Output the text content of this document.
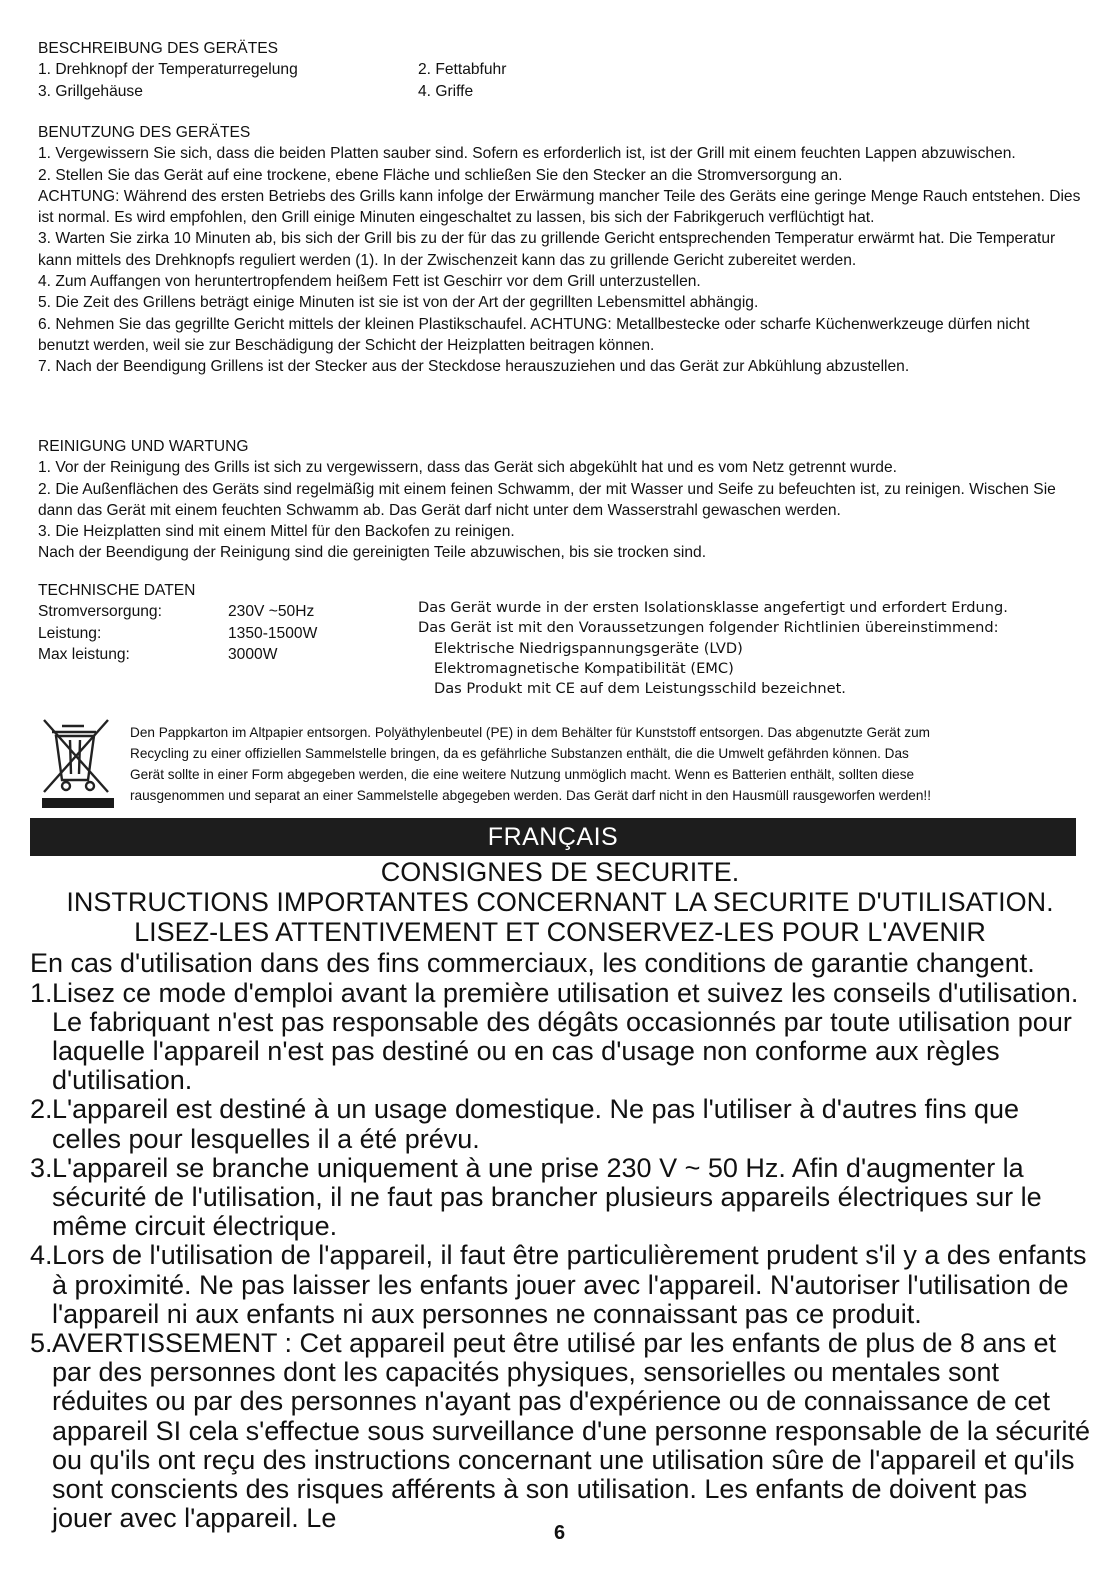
BESCHREIBUNG DES GERÄTES

1. Drehknopf der Temperaturregelung	2. Fettabfuhr
3. Grillgehäuse	4. Griffe

BENUTZUNG DES GERÄTES

1. Vergewissern Sie sich, dass die beiden Platten sauber sind. Sofern es erforderlich ist, ist der Grill mit einem feuchten Lappen abzuwischen.

2. Stellen Sie das Gerät auf eine trockene, ebene Fläche und schließen Sie den Stecker an die Stromversorgung an.

ACHTUNG: Während des ersten Betriebs des Grills kann infolge der Erwärmung mancher Teile des Geräts eine geringe Menge Rauch entstehen. Dies ist normal. Es wird empfohlen, den Grill einige Minuten eingeschaltet zu lassen, bis sich der Fabrikgeruch verflüchtigt hat.

3. Warten Sie zirka 10 Minuten ab, bis sich der Grill bis zu der für das zu grillende Gericht entsprechenden Temperatur erwärmt hat. Die Temperatur kann mittels des Drehknopfs reguliert werden (1). In der Zwischenzeit kann das zu grillende Gericht zubereitet werden.

4. Zum Auffangen von heruntertropfendem heißem Fett ist Geschirr vor dem Grill unterzustellen.

5. Die Zeit des Grillens beträgt einige Minuten ist sie ist von der Art der gegrillten Lebensmittel abhängig.

6. Nehmen Sie das gegrillte Gericht mittels der kleinen Plastikschaufel. ACHTUNG: Metallbestecke oder scharfe Küchenwerkzeuge dürfen nicht benutzt werden, weil sie zur Beschädigung der Schicht der Heizplatten beitragen können.

7. Nach der Beendigung Grillens ist der Stecker aus der Steckdose herauszuziehen und das Gerät zur Abkühlung abzustellen.

REINIGUNG UND WARTUNG

1. Vor der Reinigung des Grills ist sich zu vergewissern, dass das Gerät sich abgekühlt hat und es vom Netz getrennt wurde.

2. Die Außenflächen des Geräts sind regelmäßig mit einem feinen Schwamm, der mit Wasser und Seife zu befeuchten ist, zu reinigen. Wischen Sie dann das Gerät mit einem feuchten Schwamm ab. Das Gerät darf nicht unter dem Wasserstrahl gewaschen werden.

3. Die Heizplatten sind mit einem Mittel für den Backofen zu reinigen.

Nach der Beendigung der Reinigung sind die gereinigten Teile abzuwischen, bis sie trocken sind.

TECHNISCHE DATEN

Stromversorgung:	230V ~50Hz
Leistung:	1350-1500W
Max leistung:	3000W

Das Gerät wurde in der ersten Isolationsklasse angefertigt und erfordert Erdung.

Das Gerät ist mit den Voraussetzungen folgender Richtlinien übereinstimmend:

Elektrische Niedrigspannungsgeräte (LVD)

Elektromagnetische Kompatibilität (EMC)

Das Produkt mit CE auf dem Leistungsschild bezeichnet.

Den Pappkarton im Altpapier entsorgen. Polyäthylenbeutel (PE) in dem Behälter für Kunststoff entsorgen. Das abgenutzte Gerät zum

Recycling zu einer offiziellen Sammelstelle bringen, da es gefährliche Substanzen enthält, die die Umwelt gefährden können. Das

Gerät sollte in einer Form abgegeben werden, die eine weitere Nutzung unmöglich macht. Wenn es Batterien enthält, sollten diese

rausgenommen und separat an einer Sammelstelle abgegeben werden. Das Gerät darf nicht in den Hausmüll rausgeworfen werden!!

FRANÇAIS

CONSIGNES DE SECURITE.

INSTRUCTIONS IMPORTANTES CONCERNANT LA SECURITE D'UTILISATION.

LISEZ-LES ATTENTIVEMENT ET CONSERVEZ-LES POUR L'AVENIR

En cas d'utilisation dans des fins commerciaux, les conditions de garantie changent.

1. Lisez ce mode d'emploi avant la première utilisation et suivez les conseils d'utilisation. Le fabriquant n'est pas responsable des dégâts occasionnés par toute utilisation pour laquelle l'appareil n'est pas destiné ou en cas d'usage non conforme aux règles d'utilisation.
2. L'appareil est destiné à un usage domestique. Ne pas l'utiliser à d'autres fins que celles pour lesquelles il a été prévu.
3. L'appareil se branche uniquement à une prise 230 V ~ 50 Hz. Afin d'augmenter la sécurité de l'utilisation, il ne faut pas brancher plusieurs appareils électriques sur le même circuit électrique.
4. Lors de l'utilisation de l'appareil, il faut être particulièrement prudent s'il y a des enfants à proximité. Ne pas laisser les enfants jouer avec l'appareil. N'autoriser l'utilisation de l'appareil ni aux enfants ni aux personnes ne connaissant pas ce produit.
5. AVERTISSEMENT : Cet appareil peut être utilisé par les enfants de plus de 8 ans et par des personnes dont les capacités physiques, sensorielles ou mentales sont réduites ou par des personnes n'ayant pas d'expérience ou de connaissance de cet appareil SI cela s'effectue sous surveillance d'une personne responsable de la sécurité ou qu'ils ont reçu des instructions concernant une utilisation sûre de l'appareil et qu'ils sont conscients des risques afférents à son utilisation. Les enfants de doivent pas jouer avec l'appareil. Le	6
